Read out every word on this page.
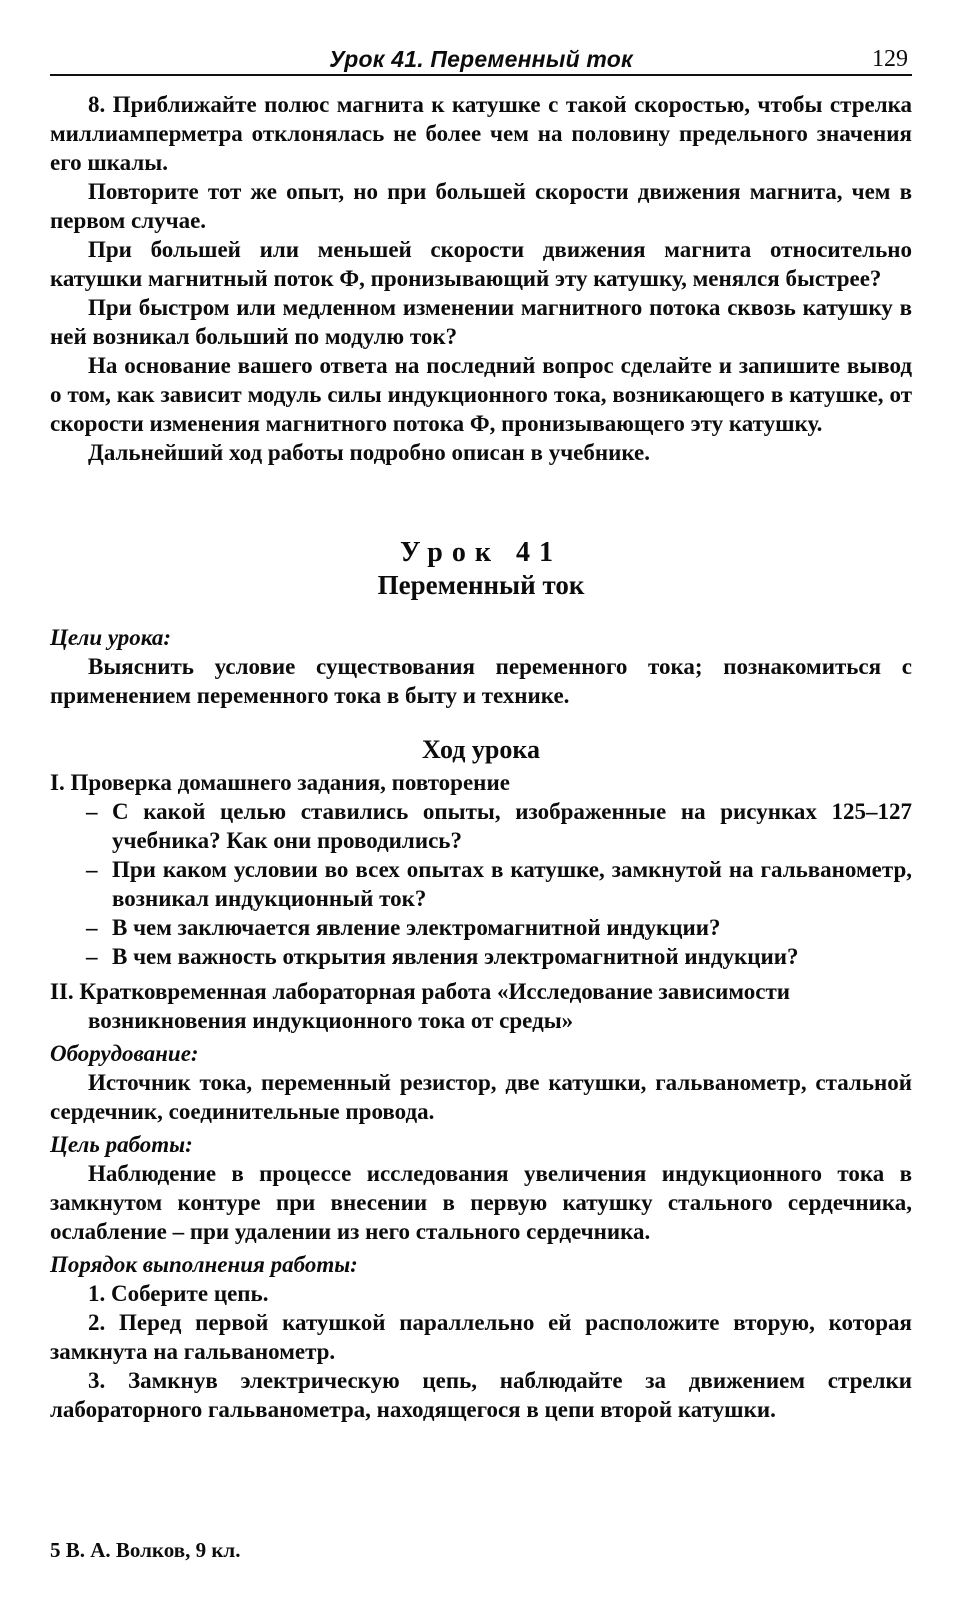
Урок 41. Переменный ток	129

8. Приближайте полюс магнита к катушке с такой скоростью, чтобы стрелка миллиамперметра отклонялась не более чем на половину предельного значения его шкалы.

Повторите тот же опыт, но при большей скорости движения магнита, чем в первом случае.

При большей или меньшей скорости движения магнита относительно катушки магнитный поток Ф, пронизывающий эту катушку, менялся быстрее?

При быстром или медленном изменении магнитного потока сквозь катушку в ней возникал больший по модулю ток?

На основание вашего ответа на последний вопрос сделайте и запишите вывод о том, как зависит модуль силы индукционного тока, возникающего в катушке, от скорости изменения магнитного потока Ф, пронизывающего эту катушку.

Дальнейший ход работы подробно описан в учебнике.

Урок 41
Переменный ток
Цели урока:

Выяснить условие существования переменного тока; познакомиться с применением переменного тока в быту и технике.

Ход урока
I. Проверка домашнего задания, повторение
– С какой целью ставились опыты, изображенные на рисунках 125–127 учебника? Как они проводились?
– При каком условии во всех опытах в катушке, замкнутой на гальванометр, возникал индукционный ток?
– В чем заключается явление электромагнитной индукции?
– В чем важность открытия явления электромагнитной индукции?
II. Кратковременная лабораторная работа «Исследование зависимости возникновения индукционного тока от среды»
Оборудование:

Источник тока, переменный резистор, две катушки, гальванометр, стальной сердечник, соединительные провода.

Цель работы:

Наблюдение в процессе исследования увеличения индукционного тока в замкнутом контуре при внесении в первую катушку стального сердечника, ослабление – при удалении из него стального сердечника.

Порядок выполнения работы:

1. Соберите цепь.

2. Перед первой катушкой параллельно ей расположите вторую, которая замкнута на гальванометр.

3. Замкнув электрическую цепь, наблюдайте за движением стрелки лабораторного гальванометра, находящегося в цепи второй катушки.

5 В. А. Волков, 9 кл.
